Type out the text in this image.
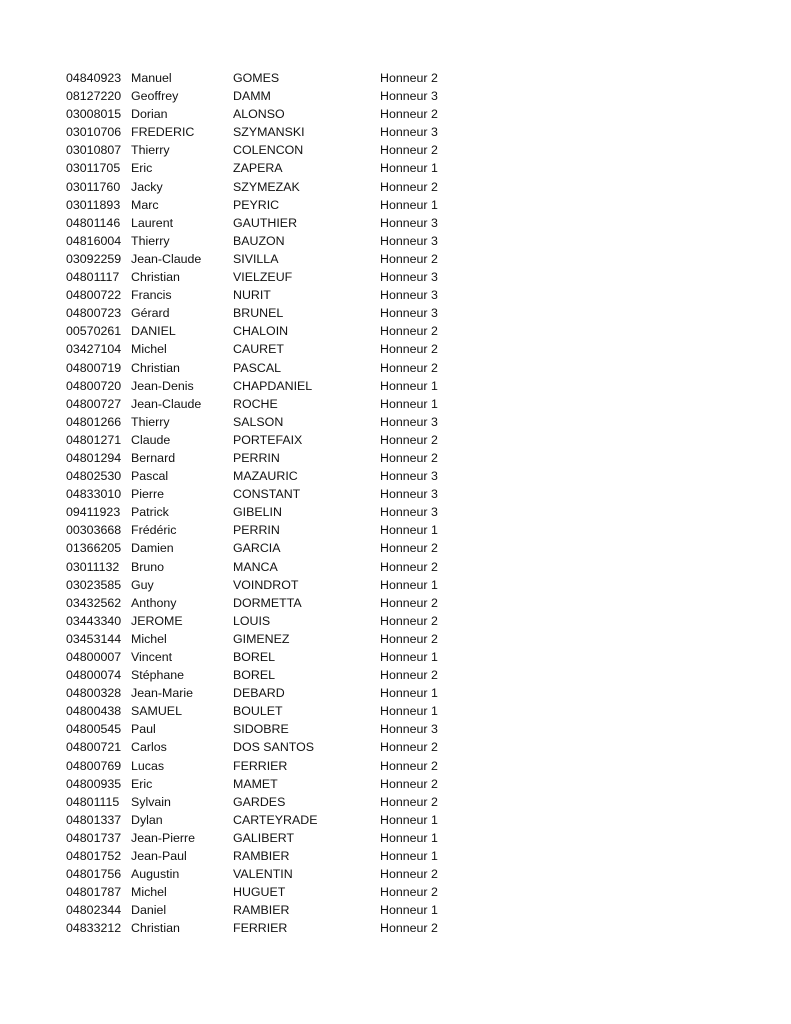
04840923 Manuel	GOMES	Honneur 2
08127220 Geoffrey	DAMM	Honneur 3
03008015 Dorian	ALONSO	Honneur 2
03010706 FREDERIC	SZYMANSKI	Honneur 3
03010807 Thierry	COLENCON	Honneur 2
03011705 Eric	ZAPERA	Honneur 1
03011760 Jacky	SZYMEZAK	Honneur 2
03011893 Marc	PEYRIC	Honneur 1
04801146 Laurent	GAUTHIER	Honneur 3
04816004 Thierry	BAUZON	Honneur 3
03092259 Jean-Claude	SIVILLA	Honneur 2
04801117 Christian	VIELZEUF	Honneur 3
04800722 Francis	NURIT	Honneur 3
04800723 Gérard	BRUNEL	Honneur 3
00570261 DANIEL	CHALOIN	Honneur 2
03427104 Michel	CAURET	Honneur 2
04800719 Christian	PASCAL	Honneur 2
04800720 Jean-Denis	CHAPDANIEL	Honneur 1
04800727 Jean-Claude	ROCHE	Honneur 1
04801266 Thierry	SALSON	Honneur 3
04801271 Claude	PORTEFAIX	Honneur 2
04801294 Bernard	PERRIN	Honneur 2
04802530 Pascal	MAZAURIC	Honneur 3
04833010 Pierre	CONSTANT	Honneur 3
09411923 Patrick	GIBELIN	Honneur 3
00303668 Frédéric	PERRIN	Honneur 1
01366205 Damien	GARCIA	Honneur 2
03011132 Bruno	MANCA	Honneur 2
03023585 Guy	VOINDROT	Honneur 1
03432562 Anthony	DORMETTA	Honneur 2
03443340 JEROME	LOUIS	Honneur 2
03453144 Michel	GIMENEZ	Honneur 2
04800007 Vincent	BOREL	Honneur 1
04800074 Stéphane	BOREL	Honneur 2
04800328 Jean-Marie	DEBARD	Honneur 1
04800438 SAMUEL	BOULET	Honneur 1
04800545 Paul	SIDOBRE	Honneur 3
04800721 Carlos	DOS SANTOS	Honneur 2
04800769 Lucas	FERRIER	Honneur 2
04800935 Eric	MAMET	Honneur 2
04801115 Sylvain	GARDES	Honneur 2
04801337 Dylan	CARTEYRADE	Honneur 1
04801737 Jean-Pierre	GALIBERT	Honneur 1
04801752 Jean-Paul	RAMBIER	Honneur 1
04801756 Augustin	VALENTIN	Honneur 2
04801787 Michel	HUGUET	Honneur 2
04802344 Daniel	RAMBIER	Honneur 1
04833212 Christian	FERRIER	Honneur 2
